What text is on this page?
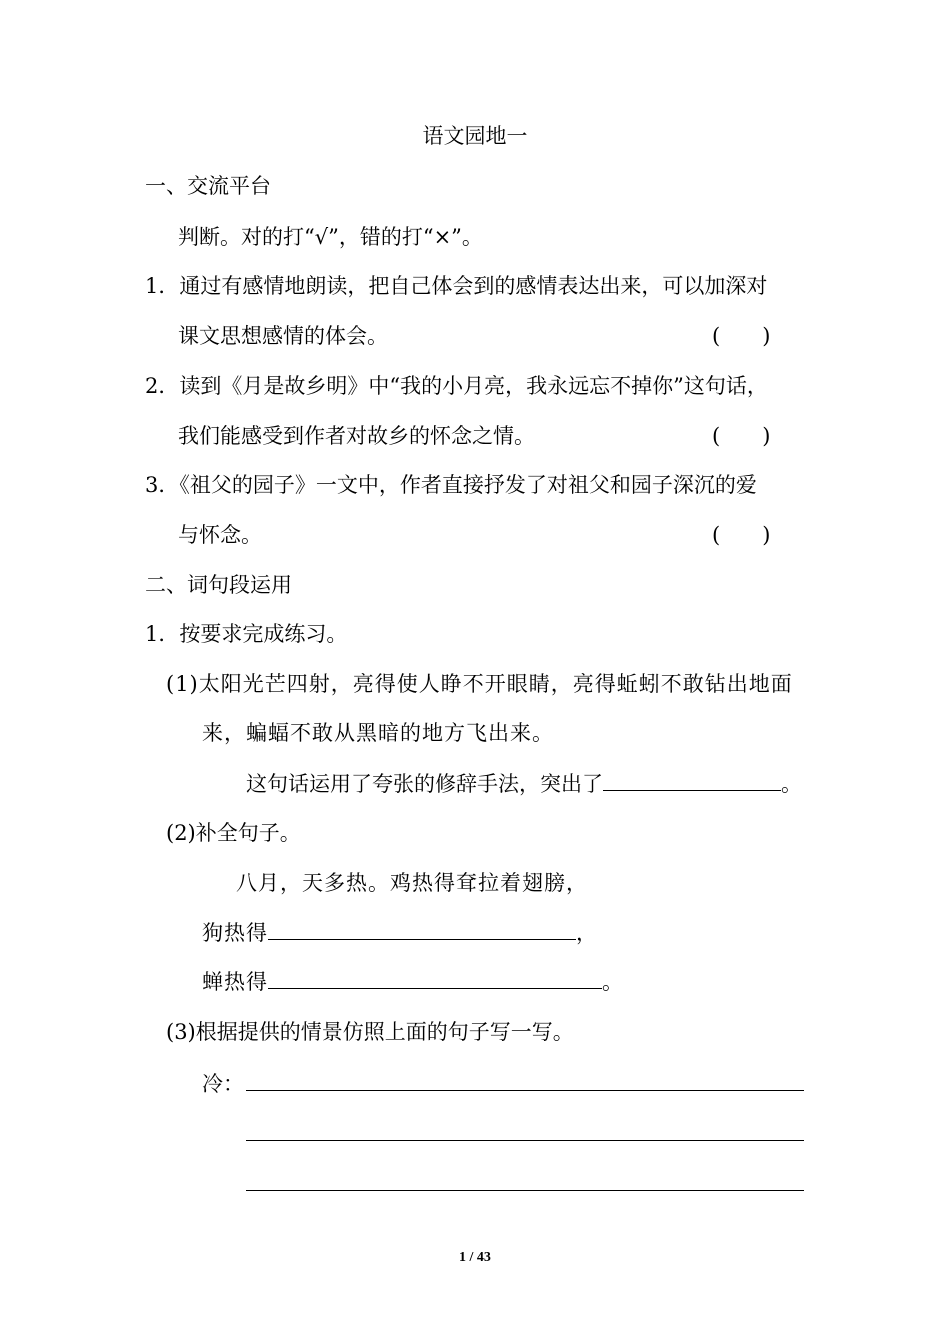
语文园地一
一、交流平台
判断。对的打“√”，错的打“×”。
1．通过有感情地朗读，把自己体会到的感情表达出来，可以加深对
课文思想感情的体会。	(　　)
2．读到《月是故乡明》中“我的小月亮，我永远忘不掉你”这句话，
我们能感受到作者对故乡的怀念之情。	(　　)
3．《祖父的园子》一文中，作者直接抒发了对祖父和园子深沉的爱
与怀念。	(　　)
二、词句段运用
1．按要求完成练习。
(1)太阳光芒四射，亮得使人睁不开眼睛，亮得蚯蚓不敢钻出地面
来，蝙蝠不敢从黑暗的地方飞出来。
这句话运用了夸张的修辞手法，突出了	。
(2)补全句子。
八月，天多热。鸡热得耷拉着翅膀，
狗热得	，
蝉热得	。
(3)根据提供的情景仿照上面的句子写一写。
冷：
1 / 43
